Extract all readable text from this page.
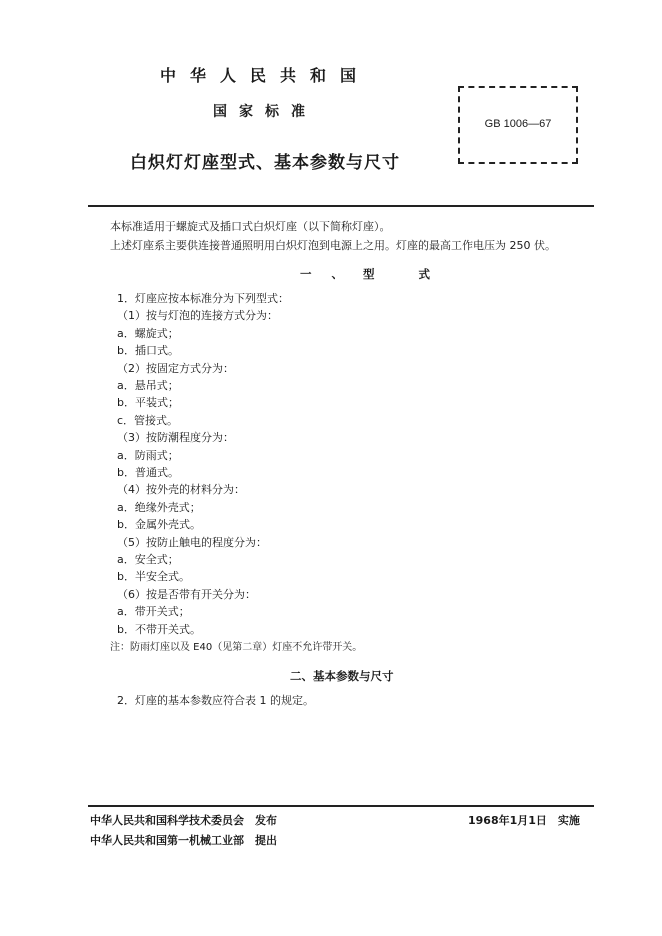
中华人民共和国
国家标准
白炽灯灯座型式、基本参数与尺寸
GB 1006—67
本标准适用于螺旋式及插口式白炽灯座（以下简称灯座）。
上述灯座系主要供连接普通照明用白炽灯泡到电源上之用。灯座的最高工作电压为 250 伏。
一、型 式
1．灯座应按本标准分为下列型式：
（1）按与灯泡的连接方式分为：
a．螺旋式；
b．插口式。
（2）按固定方式分为：
a．悬吊式；
b．平装式；
c．管接式。
（3）按防潮程度分为：
a．防雨式；
b．普通式。
（4）按外壳的材料分为：
a．绝缘外壳式；
b．金属外壳式。
（5）按防止触电的程度分为：
a．安全式；
b．半安全式。
（6）按是否带有开关分为：
a．带开关式；
b．不带开关式。
注：防雨灯座以及 E40（见第二章）灯座不允许带开关。
二、基本参数与尺寸
2．灯座的基本参数应符合表 1 的规定。
中华人民共和国科学技术委员会　发布
中华人民共和国第一机械工业部　提出
1968年1月1日　实施
